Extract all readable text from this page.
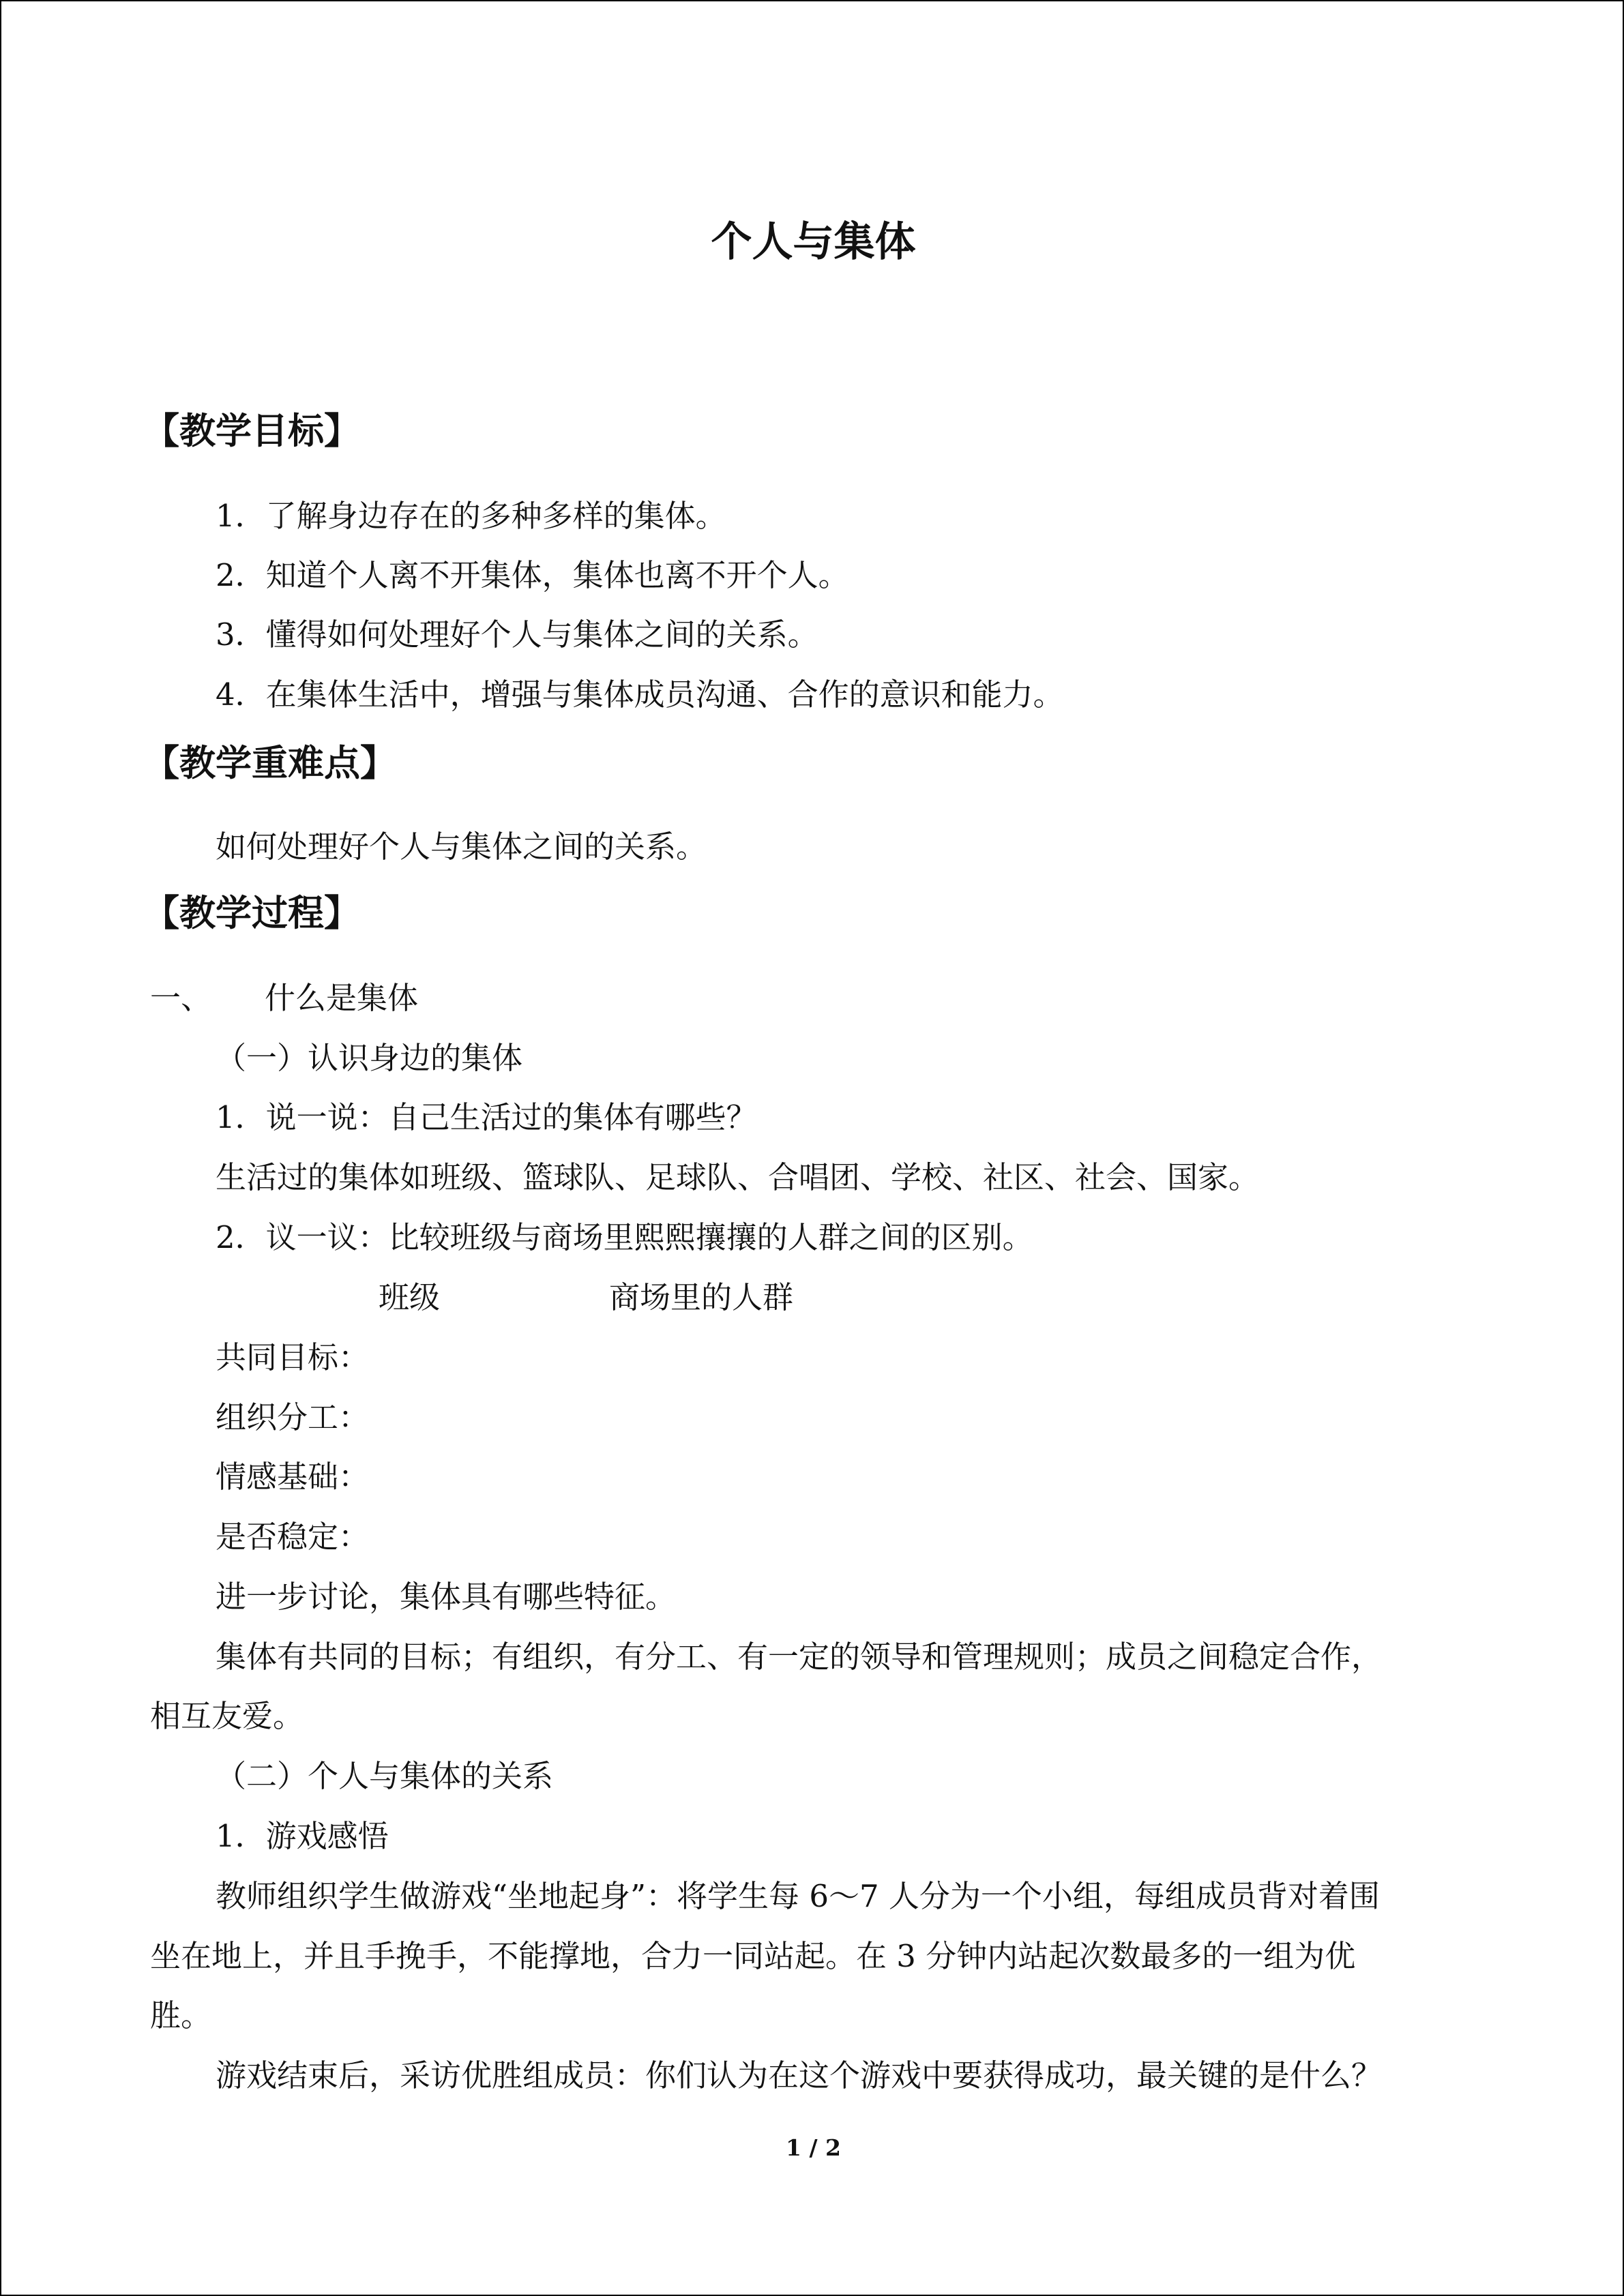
个人与集体
【教学目标】
1．了解身边存在的多种多样的集体。
2．知道个人离不开集体，集体也离不开个人。
3．懂得如何处理好个人与集体之间的关系。
4．在集体生活中，增强与集体成员沟通、合作的意识和能力。
【教学重难点】
如何处理好个人与集体之间的关系。
【教学过程】
一、 什么是集体
（一）认识身边的集体
1．说一说：自己生活过的集体有哪些？
生活过的集体如班级、篮球队、足球队、合唱团、学校、社区、社会、国家。
2．议一议：比较班级与商场里熙熙攘攘的人群之间的区别。
班级	商场里的人群
共同目标：
组织分工：
情感基础：
是否稳定：
进一步讨论，集体具有哪些特征。
集体有共同的目标；有组织，有分工、有一定的领导和管理规则；成员之间稳定合作，
相互友爱。
（二）个人与集体的关系
1．游戏感悟
教师组织学生做游戏“坐地起身”：将学生每 6～7 人分为一个小组，每组成员背对着围
坐在地上，并且手挽手，不能撑地，合力一同站起。在 3 分钟内站起次数最多的一组为优
胜。
游戏结束后，采访优胜组成员：你们认为在这个游戏中要获得成功，最关键的是什么？
1 / 2
